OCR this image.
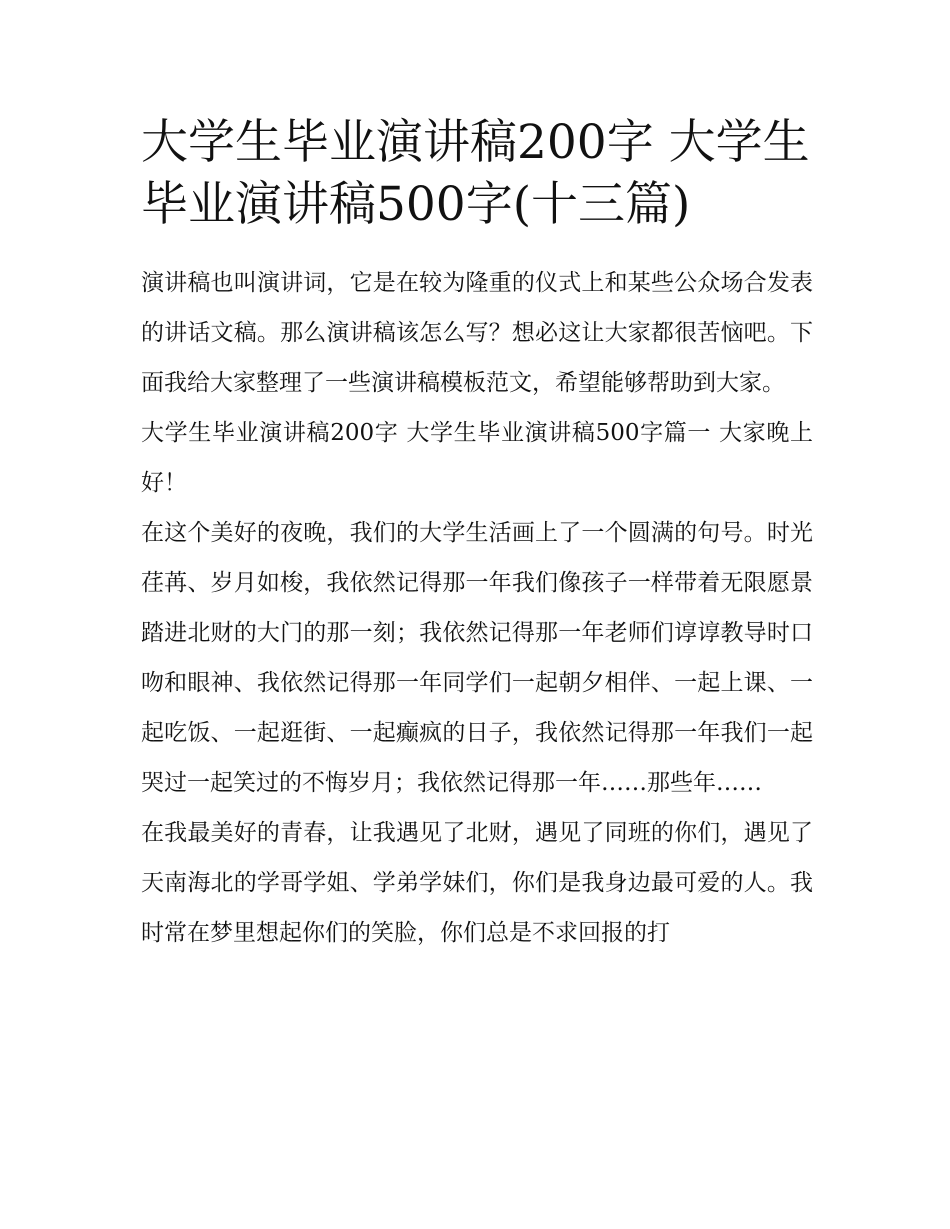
大学生毕业演讲稿200字 大学生毕业演讲稿500字(十三篇)

演讲稿也叫演讲词，它是在较为隆重的仪式上和某些公众场合发表的讲话文稿。那么演讲稿该怎么写？想必这让大家都很苦恼吧。下面我给大家整理了一些演讲稿模板范文，希望能够帮助到大家。

大学生毕业演讲稿200字 大学生毕业演讲稿500字篇一 大家晚上好！

在这个美好的夜晚，我们的大学生活画上了一个圆满的句号。时光荏苒、岁月如梭，我依然记得那一年我们像孩子一样带着无限愿景踏进北财的大门的那一刻；我依然记得那一年老师们谆谆教导时口吻和眼神、我依然记得那一年同学们一起朝夕相伴、一起上课、一起吃饭、一起逛街、一起癫疯的日子，我依然记得那一年我们一起哭过一起笑过的不悔岁月；我依然记得那一年……那些年……

在我最美好的青春，让我遇见了北财，遇见了同班的你们，遇见了天南海北的学哥学姐、学弟学妹们，你们是我身边最可爱的人。我时常在梦里想起你们的笑脸，你们总是不求回报的打
